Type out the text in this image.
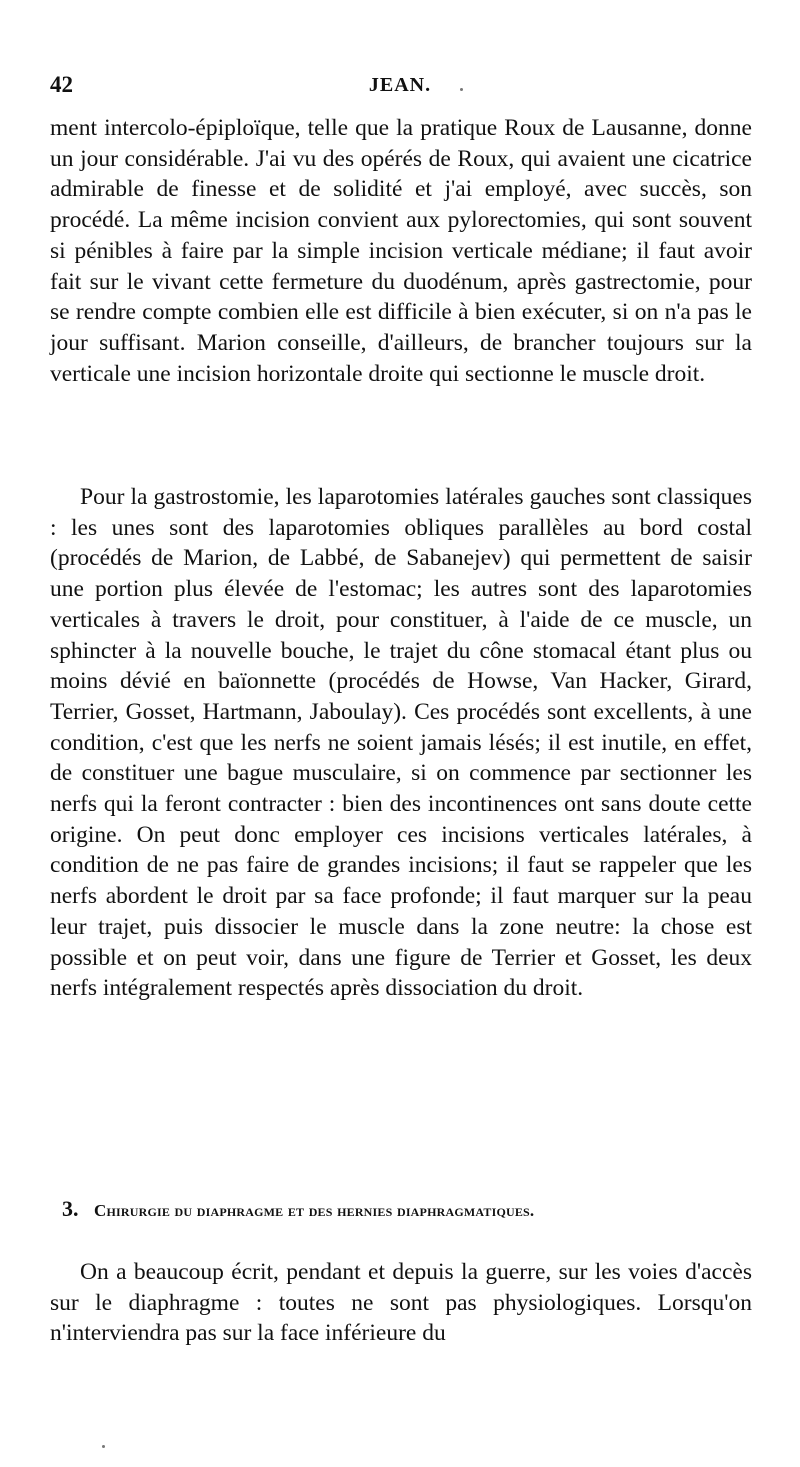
42	JEAN.

ment intercolo-épiploïque, telle que la pratique Roux de Lausanne, donne un jour considérable. J'ai vu des opérés de Roux, qui avaient une cicatrice admirable de finesse et de solidité et j'ai employé, avec succès, son procédé. La même incision convient aux pylorectomies, qui sont souvent si pénibles à faire par la simple incision verticale médiane; il faut avoir fait sur le vivant cette fermeture du duodénum, après gastrectomie, pour se rendre compte combien elle est difficile à bien exécuter, si on n'a pas le jour suffisant. Marion conseille, d'ailleurs, de brancher toujours sur la verticale une incision horizontale droite qui sectionne le muscle droit.

Pour la gastrostomie, les laparotomies latérales gauches sont classiques : les unes sont des laparotomies obliques parallèles au bord costal (procédés de Marion, de Labbé, de Sabanejev) qui permettent de saisir une portion plus élevée de l'estomac; les autres sont des laparotomies verticales à travers le droit, pour constituer, à l'aide de ce muscle, un sphincter à la nouvelle bouche, le trajet du cône stomacal étant plus ou moins dévié en baïonnette (procédés de Howse, Van Hacker, Girard, Terrier, Gosset, Hartmann, Jaboulay). Ces procédés sont excellents, à une condition, c'est que les nerfs ne soient jamais lésés; il est inutile, en effet, de constituer une bague musculaire, si on commence par sectionner les nerfs qui la feront contracter : bien des incontinences ont sans doute cette origine. On peut donc employer ces incisions verticales latérales, à condition de ne pas faire de grandes incisions; il faut se rappeler que les nerfs abordent le droit par sa face profonde; il faut marquer sur la peau leur trajet, puis dissocier le muscle dans la zone neutre: la chose est possible et on peut voir, dans une figure de Terrier et Gosset, les deux nerfs intégralement respectés après dissociation du droit.

3. Chirurgie du diaphragme et des hernies diaphragmatiques.

On a beaucoup écrit, pendant et depuis la guerre, sur les voies d'accès sur le diaphragme : toutes ne sont pas physiologiques. Lorsqu'on n'interviendra pas sur la face inférieure du
